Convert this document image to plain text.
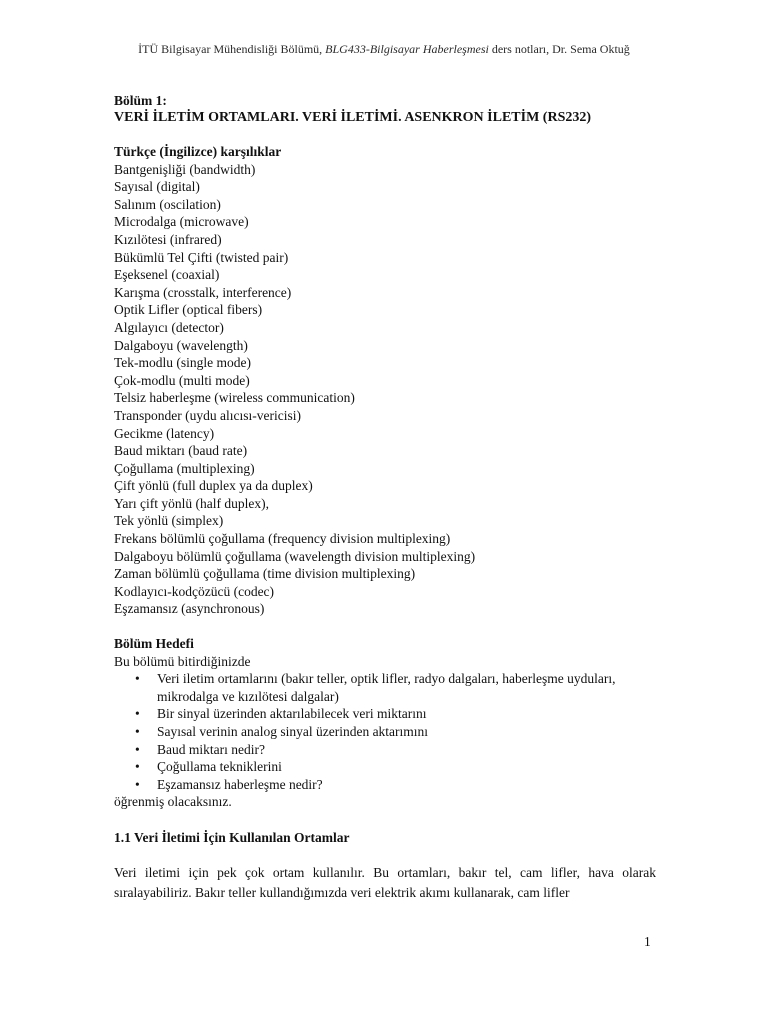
İTÜ Bilgisayar Mühendisliği Bölümü, BLG433-Bilgisayar Haberleşmesi ders notları, Dr. Sema Oktuğ
Bölüm 1:
VERİ İLETİM ORTAMLARI. VERİ İLETİMİ. ASENKRON İLETİM (RS232)
Türkçe (İngilizce) karşılıklar
Bantgenişliği (bandwidth)
Sayısal (digital)
Salınım (oscilation)
Microdalga (microwave)
Kızılötesi (infrared)
Bükümlü Tel Çifti (twisted pair)
Eşeksenel (coaxial)
Karışma (crosstalk, interference)
Optik Lifler (optical fibers)
Algılayıcı (detector)
Dalgaboyu (wavelength)
Tek-modlu (single mode)
Çok-modlu (multi mode)
Telsiz haberleşme (wireless communication)
Transponder (uydu alıcısı-vericisi)
Gecikme (latency)
Baud miktarı (baud rate)
Çoğullama (multiplexing)
Çift yönlü (full duplex ya da duplex)
Yarı çift yönlü (half duplex),
Tek yönlü (simplex)
Frekans bölümlü çoğullama (frequency division multiplexing)
Dalgaboyu bölümlü çoğullama (wavelength division multiplexing)
Zaman bölümlü çoğullama (time division multiplexing)
Kodlayıcı-kodçözücü (codec)
Eşzamansız (asynchronous)
Bölüm Hedefi
Bu bölümü bitirdiğinizde
• Veri iletim ortamlarını (bakır teller, optik lifler, radyo dalgaları, haberleşme uyduları, mikrodalga ve kızılötesi dalgalar)
• Bir sinyal üzerinden aktarılabilecek veri miktarını
• Sayısal verinin analog sinyal üzerinden aktarımını
• Baud miktarı nedir?
• Çoğullama tekniklerini
• Eşzamansız haberleşme nedir?
öğrenmiş olacaksınız.
1.1 Veri İletimi İçin Kullanılan Ortamlar

Veri iletimi için pek çok ortam kullanılır. Bu ortamları, bakır tel, cam lifler, hava olarak sıralayabiliriz. Bakır teller kullandığımızda veri elektrik akımı kullanarak, cam lifler

1
